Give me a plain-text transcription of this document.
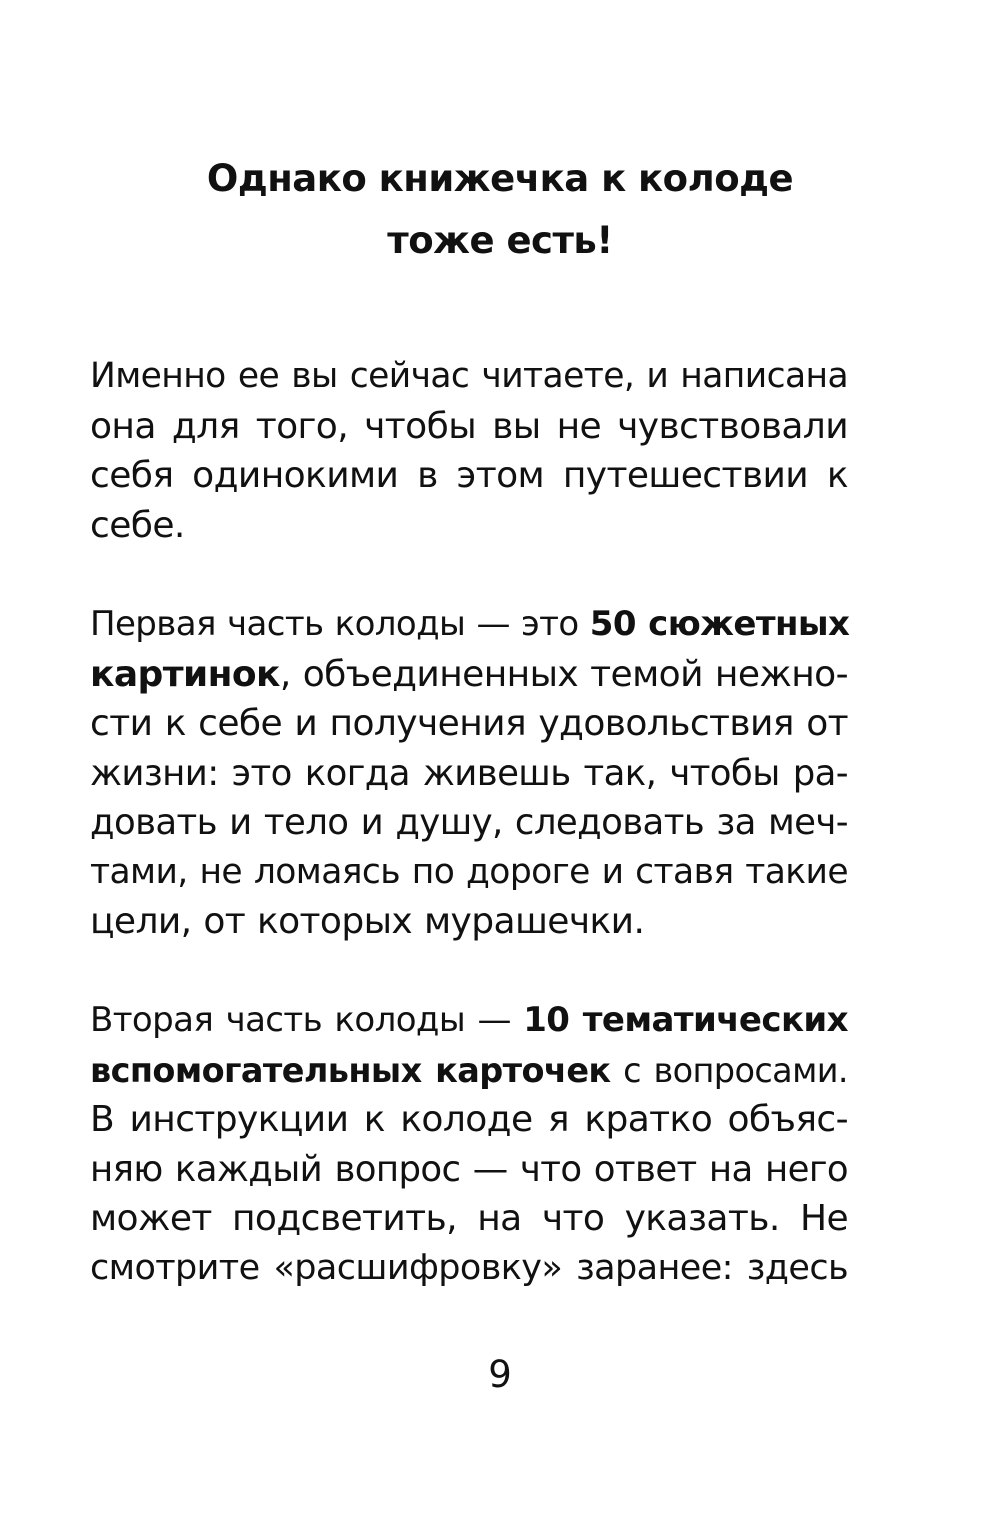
Однако книжечка к колоде
тоже есть!
Именно ее вы сейчас читаете, и написана
она для того, чтобы вы не чувствовали
себя одинокими в этом путешествии к
себе.
Первая часть колоды — это 50 сюжетных
картинок, объединенных темой нежно-
сти к себе и получения удовольствия от
жизни: это когда живешь так, чтобы ра-
довать и тело и душу, следовать за меч-
тами, не ломаясь по дороге и ставя такие
цели, от которых мурашечки.
Вторая часть колоды — 10 тематических
вспомогательных карточек с вопросами.
В инструкции к колоде я кратко объяс-
няю каждый вопрос — что ответ на него
может подсветить, на что указать. Не
смотрите «расшифровку» заранее: здесь
9
